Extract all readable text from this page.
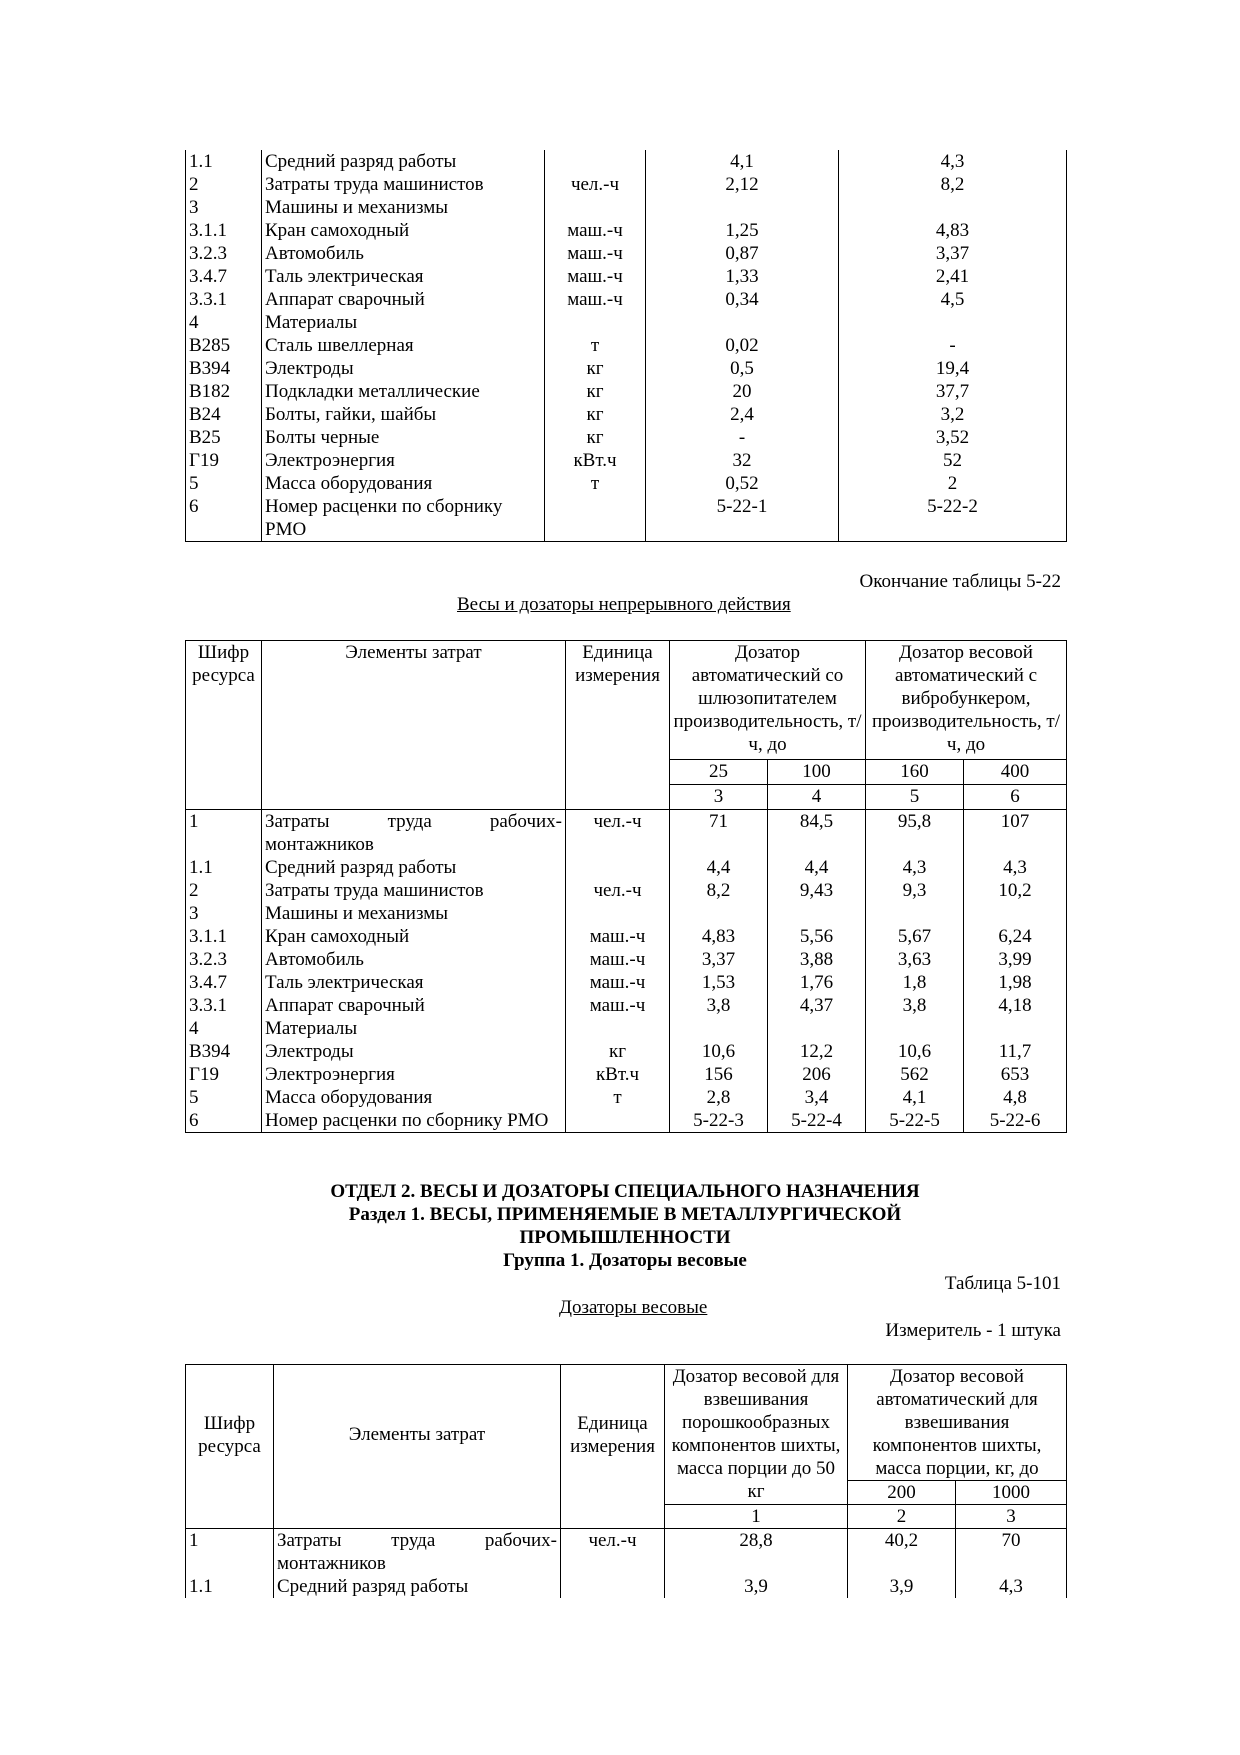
1.1	Средний разряд работы		4,1	4,3
2	Затраты труда машинистов	чел.-ч	2,12	8,2
3	Машины и механизмы			
3.1.1	Кран самоходный	маш.-ч	1,25	4,83
3.2.3	Автомобиль	маш.-ч	0,87	3,37
3.4.7	Таль электрическая	маш.-ч	1,33	2,41
3.3.1	Аппарат сварочный	маш.-ч	0,34	4,5
4	Материалы			
В285	Сталь швеллерная	т	0,02	-
В394	Электроды	кг	0,5	19,4
В182	Подкладки металлические	кг	20	37,7
В24	Болты, гайки, шайбы	кг	2,4	3,2
В25	Болты черные	кг	-	3,52
Г19	Электроэнергия	кВт.ч	32	52
5	Масса оборудования	т	0,52	2
6	Номер расценки по сборнику РМО		5-22-1	5-22-2
Окончание таблицы 5-22
Весы и дозаторы непрерывного действия
Шифр ресурса	Элементы затрат	Единица измерения	Дозатор автоматический со шлюзопитателем производительность, т/ч, до		Дозатор весовой автоматический с вибробункером, производительность, т/ч, до	
			25	100	160	400
			3	4	5	6
1	Затраты труда рабочих-монтажников	чел.-ч	71	84,5	95,8	107
1.1	Средний разряд работы		4,4	4,4	4,3	4,3
2	Затраты труда машинистов	чел.-ч	8,2	9,43	9,3	10,2
3	Машины и механизмы					
3.1.1	Кран самоходный	маш.-ч	4,83	5,56	5,67	6,24
3.2.3	Автомобиль	маш.-ч	3,37	3,88	3,63	3,99
3.4.7	Таль электрическая	маш.-ч	1,53	1,76	1,8	1,98
3.3.1	Аппарат сварочный	маш.-ч	3,8	4,37	3,8	4,18
4	Материалы					
В394	Электроды	кг	10,6	12,2	10,6	11,7
Г19	Электроэнергия	кВт.ч	156	206	562	653
5	Масса оборудования	т	2,8	3,4	4,1	4,8
6	Номер расценки по сборнику РМО		5-22-3	5-22-4	5-22-5	5-22-6
ОТДЕЛ 2. ВЕСЫ И ДОЗАТОРЫ СПЕЦИАЛЬНОГО НАЗНАЧЕНИЯ
Раздел 1. ВЕСЫ, ПРИМЕНЯЕМЫЕ В МЕТАЛЛУРГИЧЕСКОЙ
ПРОМЫШЛЕННОСТИ
Группа 1. Дозаторы весовые
Таблица 5-101
Дозаторы весовые
Измеритель - 1 штука
Шифр ресурса	Элементы затрат	Единица измерения	Дозатор весовой для взвешивания порошкообразных компонентов шихты, масса порции до 50 кг	Дозатор весовой автоматический для взвешивания компонентов шихты, масса порции, кг, до	
				200	1000
			1	2	3
1	Затраты труда рабочих-монтажников	чел.-ч	28,8	40,2	70
1.1	Средний разряд работы		3,9	3,9	4,3
